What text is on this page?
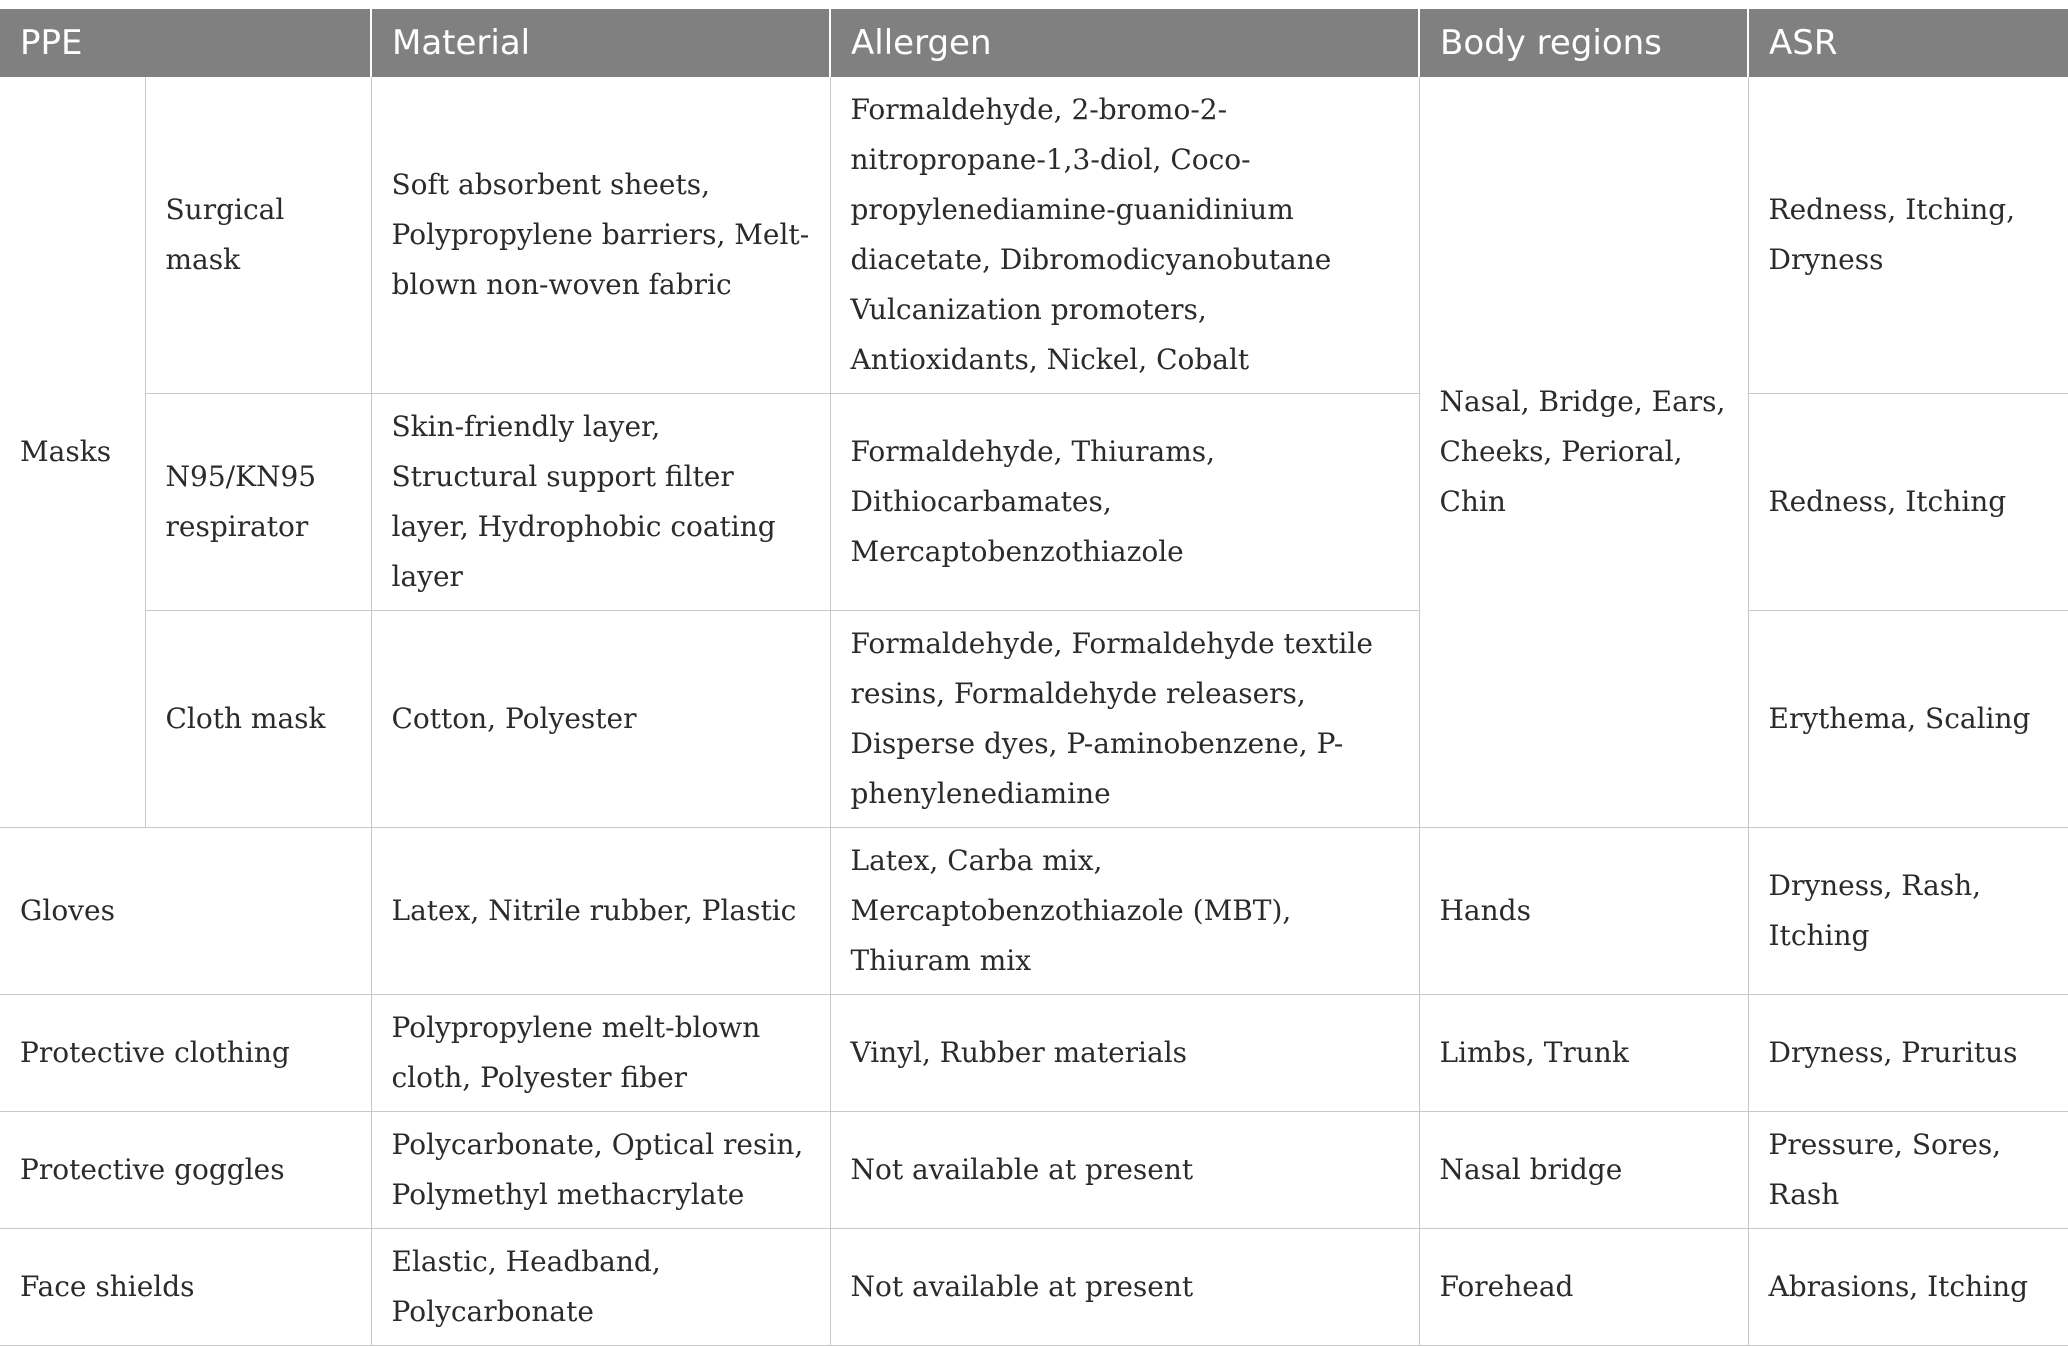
PPE		Material	Allergen	Body regions	ASR
Masks	Surgical mask	Soft absorbent sheets, Polypropylene barriers, Melt-blown non-woven fabric	Formaldehyde, 2-bromo-2-nitropropane-1,3-diol, Coco-propylenediamine-guanidinium diacetate, Dibromodicyanobutane Vulcanization promoters, Antioxidants, Nickel, Cobalt	Nasal, Bridge, Ears, Cheeks, Perioral, Chin	Redness, Itching, Dryness
	N95/KN95 respirator	Skin-friendly layer, Structural support filter layer, Hydrophobic coating layer	Formaldehyde, Thiurams, Dithiocarbamates, Mercaptobenzothiazole		Redness, Itching
	Cloth mask	Cotton, Polyester	Formaldehyde, Formaldehyde textile resins, Formaldehyde releasers, Disperse dyes, P-aminobenzene, P-phenylenediamine		Erythema, Scaling
Gloves		Latex, Nitrile rubber, Plastic	Latex, Carba mix, Mercaptobenzothiazole (MBT), Thiuram mix	Hands	Dryness, Rash, Itching
Protective clothing		Polypropylene melt-blown cloth, Polyester fiber	Vinyl, Rubber materials	Limbs, Trunk	Dryness, Pruritus
Protective goggles		Polycarbonate, Optical resin, Polymethyl methacrylate	Not available at present	Nasal bridge	Pressure, Sores, Rash
Face shields		Elastic, Headband, Polycarbonate	Not available at present	Forehead	Abrasions, Itching
